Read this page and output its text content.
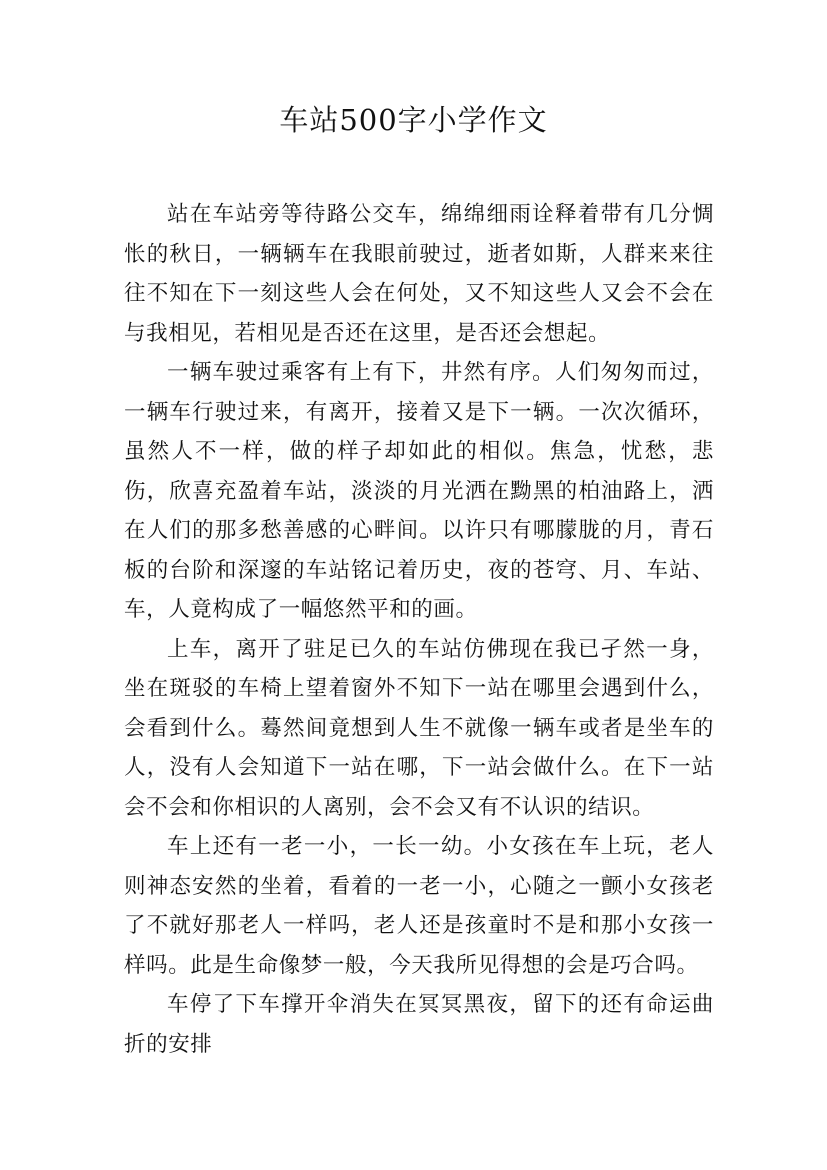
车站500字小学作文

站在车站旁等待路公交车，绵绵细雨诠释着带有几分惆怅的秋日，一辆辆车在我眼前驶过，逝者如斯，人群来来往往不知在下一刻这些人会在何处，又不知这些人又会不会在与我相见，若相见是否还在这里，是否还会想起。

一辆车驶过乘客有上有下，井然有序。人们匆匆而过，一辆车行驶过来，有离开，接着又是下一辆。一次次循环，虽然人不一样，做的样子却如此的相似。焦急，忧愁，悲伤，欣喜充盈着车站，淡淡的月光洒在黝黑的柏油路上，洒在人们的那多愁善感的心畔间。以许只有哪朦胧的月，青石板的台阶和深邃的车站铭记着历史，夜的苍穹、月、车站、车，人竟构成了一幅悠然平和的画。

上车，离开了驻足已久的车站仿佛现在我已孑然一身，坐在斑驳的车椅上望着窗外不知下一站在哪里会遇到什么，会看到什么。蓦然间竟想到人生不就像一辆车或者是坐车的人，没有人会知道下一站在哪，下一站会做什么。在下一站会不会和你相识的人离别，会不会又有不认识的结识。

车上还有一老一小，一长一幼。小女孩在车上玩，老人则神态安然的坐着，看着的一老一小，心随之一颤小女孩老了不就好那老人一样吗，老人还是孩童时不是和那小女孩一样吗。此是生命像梦一般，今天我所见得想的会是巧合吗。

车停了下车撑开伞消失在冥冥黑夜，留下的还有命运曲折的安排
